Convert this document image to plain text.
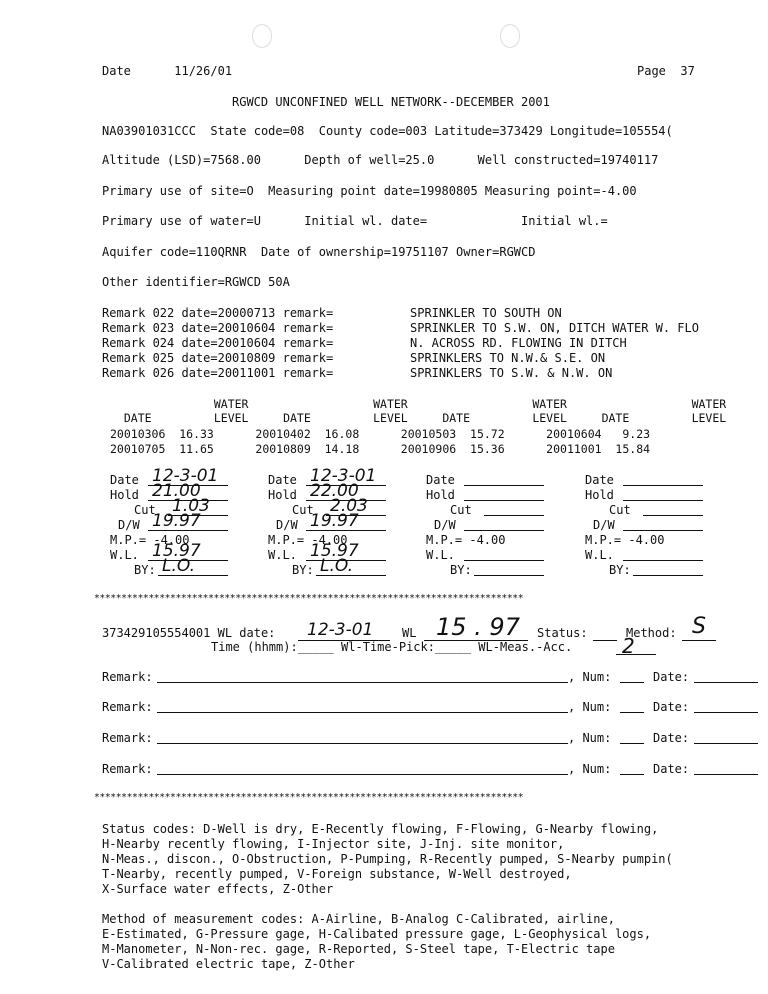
Date      11/26/01	Page  37
RGWCD UNCONFINED WELL NETWORK--DECEMBER 2001
NA03901031CCC  State code=08  County code=003 Latitude=373429 Longitude=105554(
Altitude (LSD)=7568.00      Depth of well=25.0      Well constructed=19740117
Primary use of site=O  Measuring point date=19980805 Measuring point=-4.00
Primary use of water=U      Initial wl. date=             Initial wl.=
Aquifer code=110QRNR  Date of ownership=19751107 Owner=RGWCD
Other identifier=RGWCD 50A
Remark 022 date=20000713 remark=	SPRINKLER TO SOUTH ON
Remark 023 date=20010604 remark=	SPRINKLER TO S.W. ON, DITCH WATER W. FLO
Remark 024 date=20010604 remark=	N. ACROSS RD. FLOWING IN DITCH
Remark 025 date=20010809 remark=	SPRINKLERS TO N.W.& S.E. ON
Remark 026 date=20011001 remark=	SPRINKLERS TO S.W. & N.W. ON
WATER                  WATER                  WATER                  WATER
DATE         LEVEL     DATE         LEVEL     DATE         LEVEL     DATE         LEVEL
20010306  16.33      20010402  16.08      20010503  15.72      20010604   9.23
20010705  11.65      20010809  14.18      20010906  15.36      20011001  15.84
Date 12-3-01
Hold 21.00
Cut 1.03
D/W 19.97
M.P.= -4.00
W.L. 15.97
BY: L.O.
Date 12-3-01
Hold 22.00
Cut 2.03
D/W 19.97
M.P.= -4.00
W.L. 15.97
BY: L.O.
Date
Hold
Cut
D/W
M.P.= -4.00
W.L.
BY:
Date
Hold
Cut
D/W
M.P.= -4.00
W.L.
BY:
*******************************************************************************
*******************************************************************************
373429105554001 WL date: 12-3-01 WL 15 . 97 Status:	Method: S
Time (hhmm):_____ Wl-Time-Pick:_____ WL-Meas.-Acc. 2
Remark:	, Num:	Date:
Remark:	, Num:	Date:
Remark:	, Num:	Date:
Remark:	, Num:	Date:
Status codes: D-Well is dry, E-Recently flowing, F-Flowing, G-Nearby flowing,
H-Nearby recently flowing, I-Injector site, J-Inj. site monitor,
N-Meas., discon., O-Obstruction, P-Pumping, R-Recently pumped, S-Nearby pumpin(
T-Nearby, recently pumped, V-Foreign substance, W-Well destroyed,
X-Surface water effects, Z-Other
Method of measurement codes: A-Airline, B-Analog C-Calibrated, airline,
E-Estimated, G-Pressure gage, H-Calibated pressure gage, L-Geophysical logs,
M-Manometer, N-Non-rec. gage, R-Reported, S-Steel tape, T-Electric tape
V-Calibrated electric tape, Z-Other
